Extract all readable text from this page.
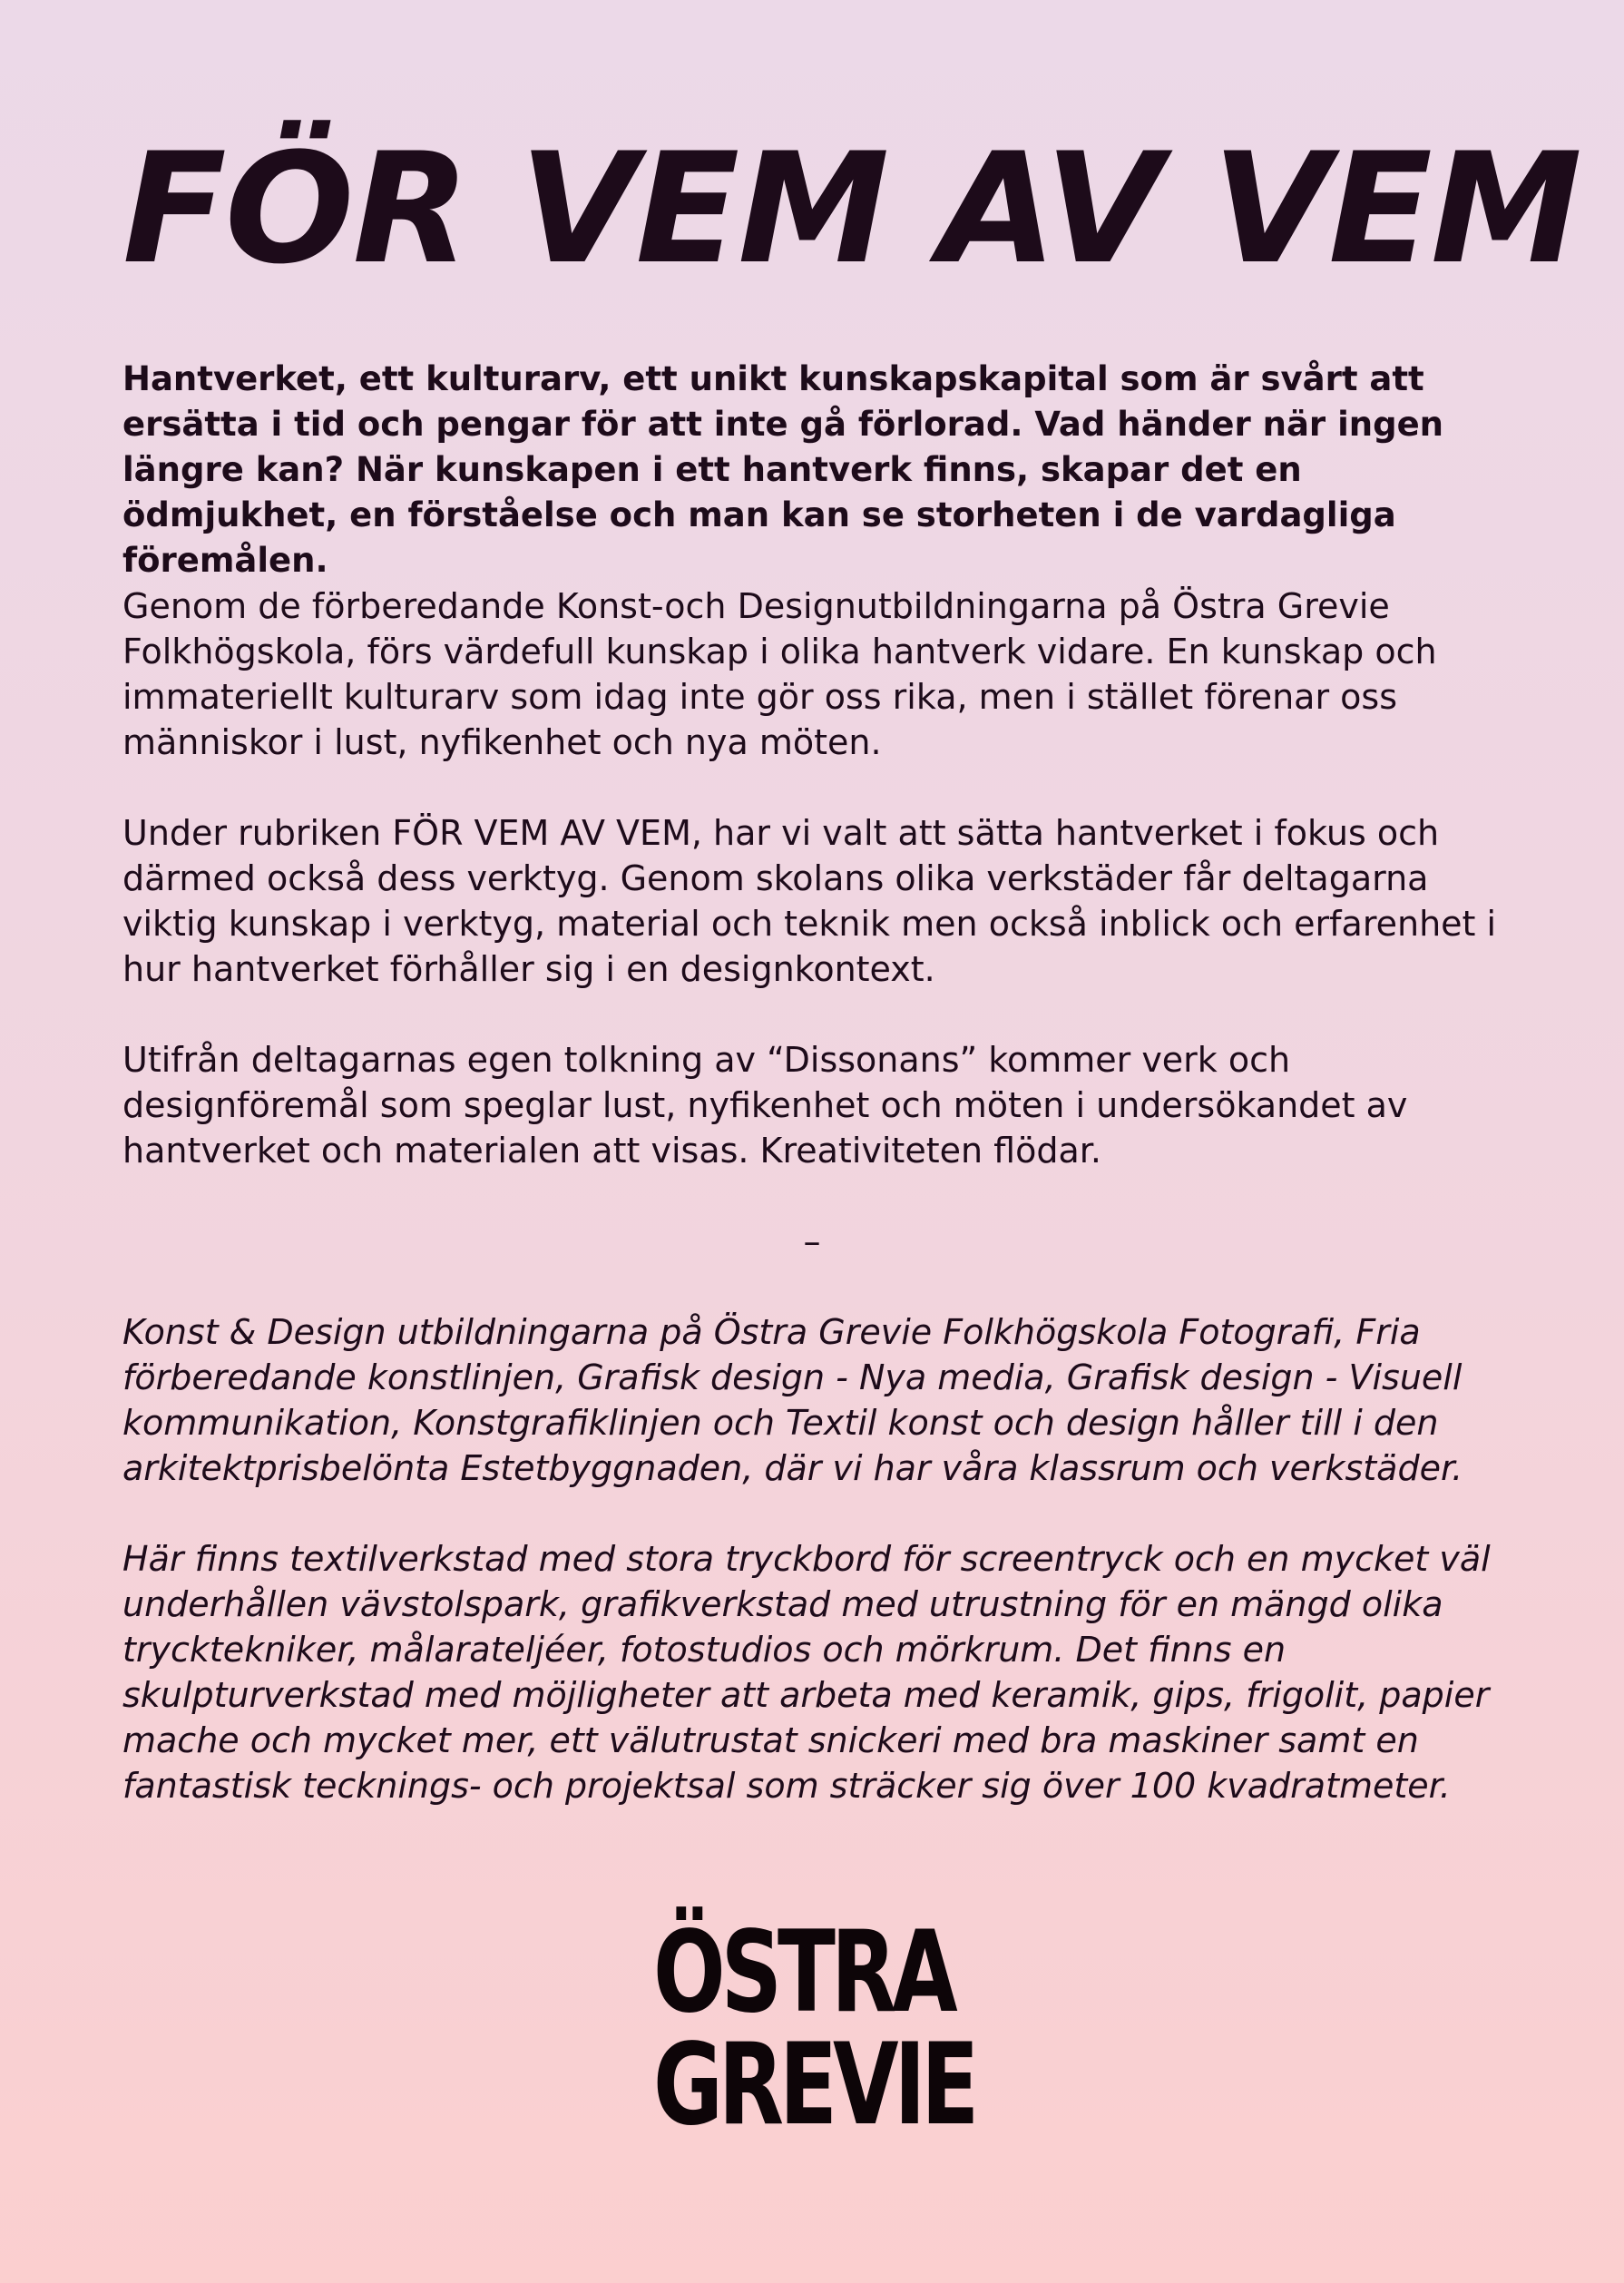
FÖR VEM AV VEM

Hantverket, ett kulturarv, ett unikt kunskapskapital som är svårt att ersätta i tid och pengar för att inte gå förlorad. Vad händer när ingen längre kan? När kunskapen i ett hantverk finns, skapar det en ödmjukhet, en förståelse och man kan se storheten i de vardagliga föremålen.

Genom de förberedande Konst-och Designutbildningarna på Östra Grevie Folkhögskola, förs värdefull kunskap i olika hantverk vidare. En kunskap och immateriellt kulturarv som idag inte gör oss rika, men i stället förenar oss människor i lust, nyfikenhet och nya möten.

Under rubriken FÖR VEM AV VEM, har vi valt att sätta hantverket i fokus och därmed också dess verktyg. Genom skolans olika verkstäder får deltagarna viktig kunskap i verktyg, material och teknik men också inblick och erfarenhet i hur hantverket förhåller sig i en designkontext.

Utifrån deltagarnas egen tolkning av “Dissonans” kommer verk och designföremål som speglar lust, nyfikenhet och möten i undersökandet av hantverket och materialen att visas. Kreativiteten flödar.

–

Konst & Design utbildningarna på Östra Grevie Folkhögskola Fotografi, Fria förberedande konstlinjen, Grafisk design - Nya media, Grafisk design - Visuell kommunikation, Konstgrafiklinjen och Textil konst och design håller till i den arkitektprisbelönta Estetbyggnaden, där vi har våra klassrum och verkstäder.

Här finns textilverkstad med stora tryckbord för screentryck och en mycket väl underhållen vävstolspark, grafikverkstad med utrustning för en mängd olika trycktekniker, målarateljéer, fotostudios och mörkrum. Det finns en skulpturverkstad med möjligheter att arbeta med keramik, gips, frigolit, papier mache och mycket mer, ett välutrustat snickeri med bra maskiner samt en fantastisk tecknings- och projektsal som sträcker sig över 100 kvadratmeter.

ÖSTRA
GREVIE
